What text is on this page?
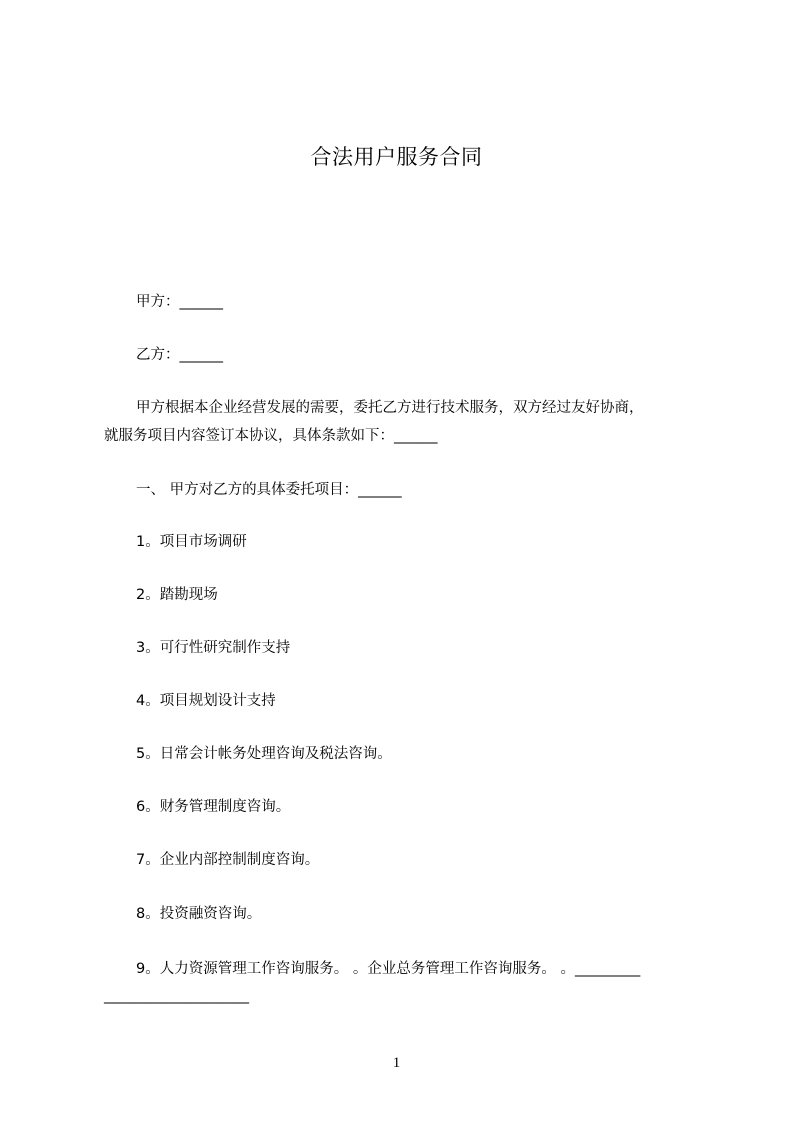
合法用户服务合同
甲方：______
乙方：______
甲方根据本企业经营发展的需要，委托乙方进行技术服务，双方经过友好协商，
就服务项目内容签订本协议，具体条款如下：______
一、 甲方对乙方的具体委托项目：______
1。项目市场调研
2。踏勘现场
3。可行性研究制作支持
4。项目规划设计支持
5。日常会计帐务处理咨询及税法咨询。
6。财务管理制度咨询。
7。企业内部控制制度咨询。
8。投资融资咨询。
9。人力资源管理工作咨询服务。 。企业总务管理工作咨询服务。 。_________
____________________
1
